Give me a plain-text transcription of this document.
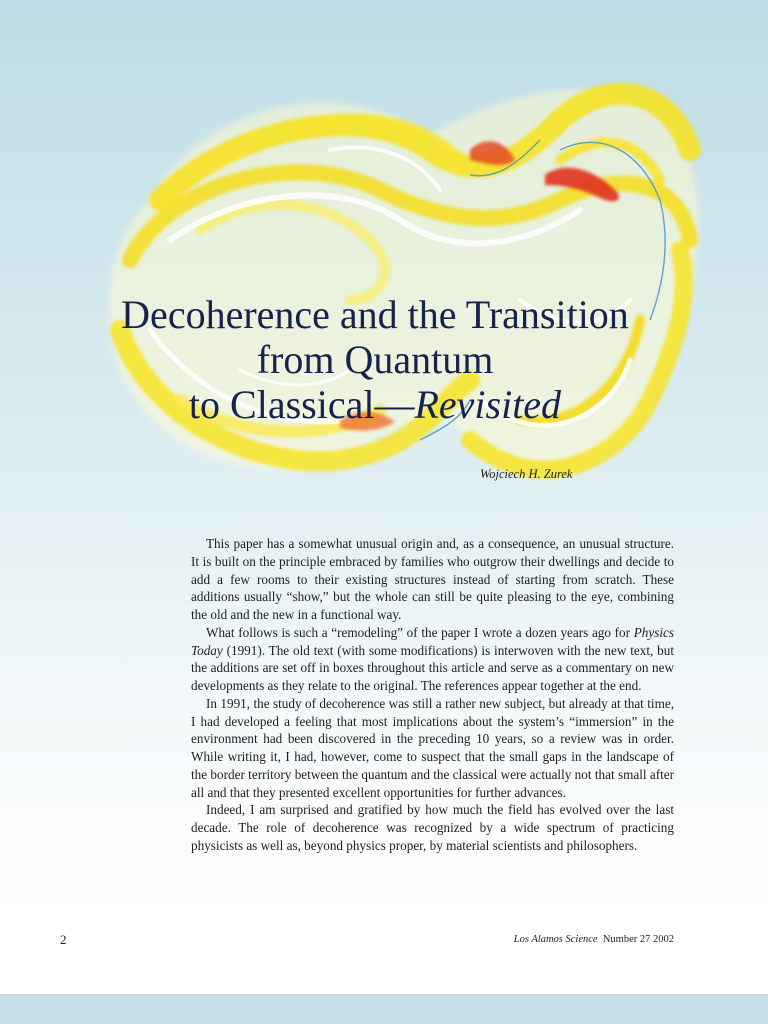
Decoherence and the Transition
from Quantum
to Classical—Revisited
Wojciech H. Zurek

This paper has a somewhat unusual origin and, as a consequence, an unusual structure. It is built on the principle embraced by families who outgrow their dwellings and decide to add a few rooms to their existing structures instead of starting from scratch. These additions usually “show,” but the whole can still be quite pleasing to the eye, combining the old and the new in a functional way.

What follows is such a “remodeling” of the paper I wrote a dozen years ago for Physics Today (1991). The old text (with some modifications) is interwoven with the new text, but the additions are set off in boxes throughout this article and serve as a commentary on new developments as they relate to the original. The references appear together at the end.

In 1991, the study of decoherence was still a rather new subject, but already at that time, I had developed a feeling that most implications about the system’s “immersion” in the environment had been discovered in the preceding 10 years, so a review was in order. While writing it, I had, however, come to suspect that the small gaps in the landscape of the border territory between the quantum and the classical were actually not that small after all and that they presented excellent opportunities for further advances.

Indeed, I am surprised and gratified by how much the field has evolved over the last decade. The role of decoherence was recognized by a wide spectrum of practicing physicists as well as, beyond physics proper, by material scientists and philosophers.

2	Los Alamos Science Number 27 2002
